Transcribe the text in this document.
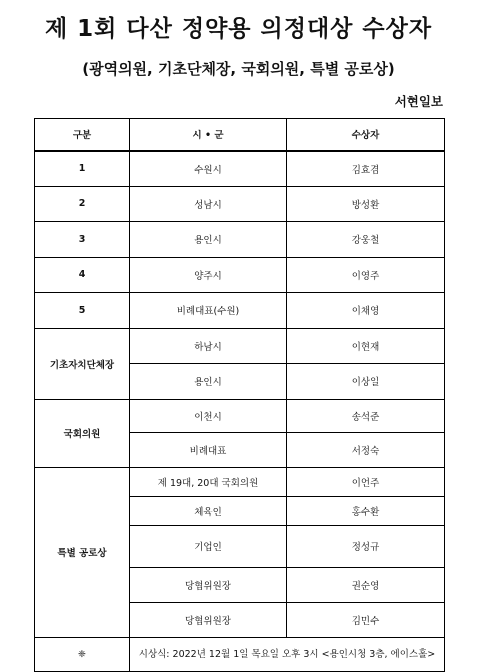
제 1회 다산 정약용 의정대상 수상자
(광역의원, 기초단체장, 국회의원, 특별 공로상)
서현일보
구분	시 • 군	수상자
1	수원시	김효겸
2	성남시	방성환
3	용인시	강웅철
4	양주시	이영주
5	비례대표(수원)	이채영
기초자치단체장	하남시	이현재
	용인시	이상일
국회의원	이천시	송석준
	비례대표	서정숙
특별 공로상	제 19대, 20대 국회의원	이언주
	체육인	홍수환
	기업인	정성규
	당협위원장	권순영
	당협위원장	김민수
❈	시상식: 2022년 12월 1일 목요일 오후 3시 <용인시청 3층, 에이스홀>	
